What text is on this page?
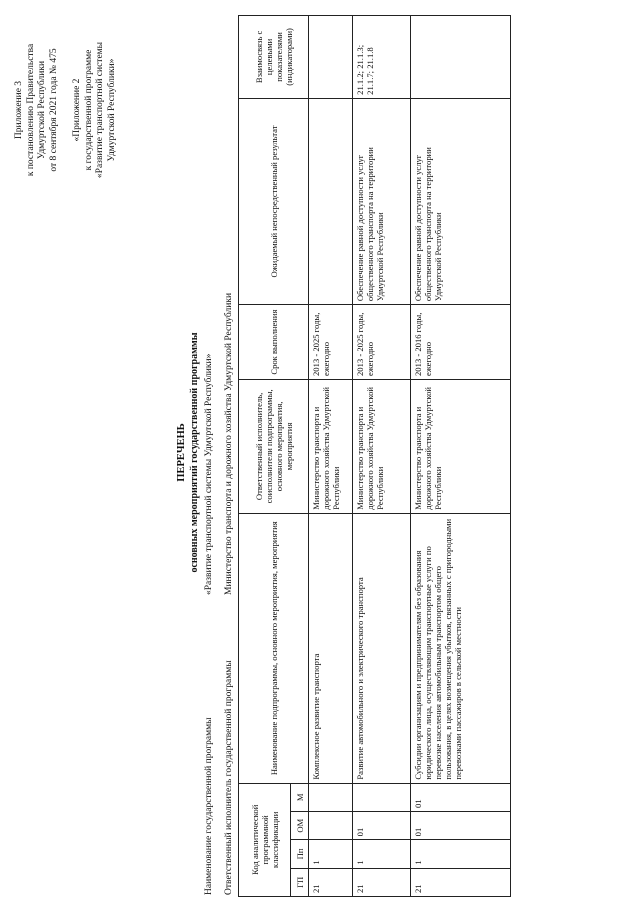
Приложение 3 к постановлению Правительства Удмуртской Республики от 8 сентября 2021 года № 475 «Приложение 2 к государственной программе «Развитие транспортной системы Удмуртской Республики»

ПЕРЕЧЕНЬ основных мероприятий государственной программы
Наименование государственной программы
«Развитие транспортной системы Удмуртской Республики»
Ответственный исполнитель государственной программы
Министерство транспорта и дорожного хозяйства Удмуртской Республики
Код аналитической программной классификации				Наименование подпрограммы, основного мероприятия, мероприятия	Ответственный исполнитель, соисполнители подпрограммы, основного мероприятия, мероприятия	Срок выполнения	Ожидаемый непосредственный результат	Взаимосвязь с целевыми показателями (индикаторами)
ГП	Пп	ОМ	М					
21	1			Комплексное развитие транспорта	Министерство транспорта и дорожного хозяйства Удмуртской Республики	2013 - 2025 годы, ежегодно		
21	1	01		Развитие автомобильного и электрического транспорта	Министерство транспорта и дорожного хозяйства Удмуртской Республики	2013 - 2025 годы, ежегодно	Обеспечение равной доступности услуг общественного транспорта на территории Удмуртской Республики	21.1.2; 21.1.3; 21.1.7; 21.1.8
21	1	01	01	Субсидии организациям и предпринимателям без образования юридического лица, осуществляющим транспортные услуги по перевозке населения автомобильным транспортом общего пользования, в целях возмещения убытков, связанных с пригородными перевозками пассажиров в сельской местности	Министерство транспорта и дорожного хозяйства Удмуртской Республики	2013 - 2016 годы, ежегодно	Обеспечение равной доступности услуг общественного транспорта на территории Удмуртской Республики	
